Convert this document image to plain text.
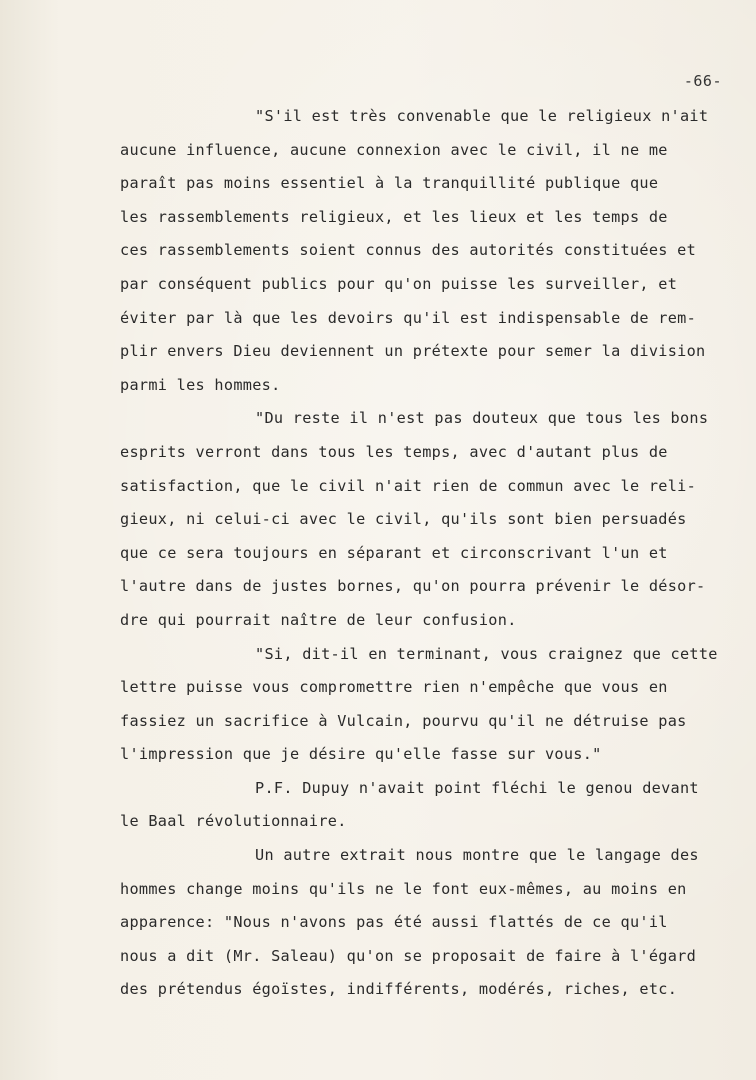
-66-
"S'il est très convenable que le religieux n'ait
aucune influence, aucune connexion avec le civil, il ne me
paraît pas moins essentiel à la tranquillité publique que
les rassemblements religieux, et les lieux et les temps de
ces rassemblements soient connus des autorités constituées et
par conséquent publics pour qu'on puisse les surveiller, et
éviter par là que les devoirs qu'il est indispensable de rem-
plir envers Dieu deviennent un prétexte pour semer la division
parmi les hommes.
"Du reste il n'est pas douteux que tous les bons
esprits verront dans tous les temps, avec d'autant plus de
satisfaction, que le civil n'ait rien de commun avec le reli-
gieux, ni celui-ci avec le civil, qu'ils sont bien persuadés
que ce sera toujours en séparant et circonscrivant l'un et
l'autre dans de justes bornes, qu'on pourra prévenir le désor-
dre qui pourrait naître de leur confusion.
"Si, dit-il en terminant, vous craignez que cette
lettre puisse vous compromettre rien n'empêche que vous en
fassiez un sacrifice à Vulcain, pourvu qu'il ne détruise pas
l'impression que je désire qu'elle fasse sur vous."
P.F. Dupuy n'avait point fléchi le genou devant
le Baal révolutionnaire.
Un autre extrait nous montre que le langage des
hommes change moins qu'ils ne le font eux-mêmes, au moins en
apparence: "Nous n'avons pas été aussi flattés de ce qu'il
nous a dit (Mr. Saleau) qu'on se proposait de faire à l'égard
des prétendus égoïstes, indifférents, modérés, riches, etc.
